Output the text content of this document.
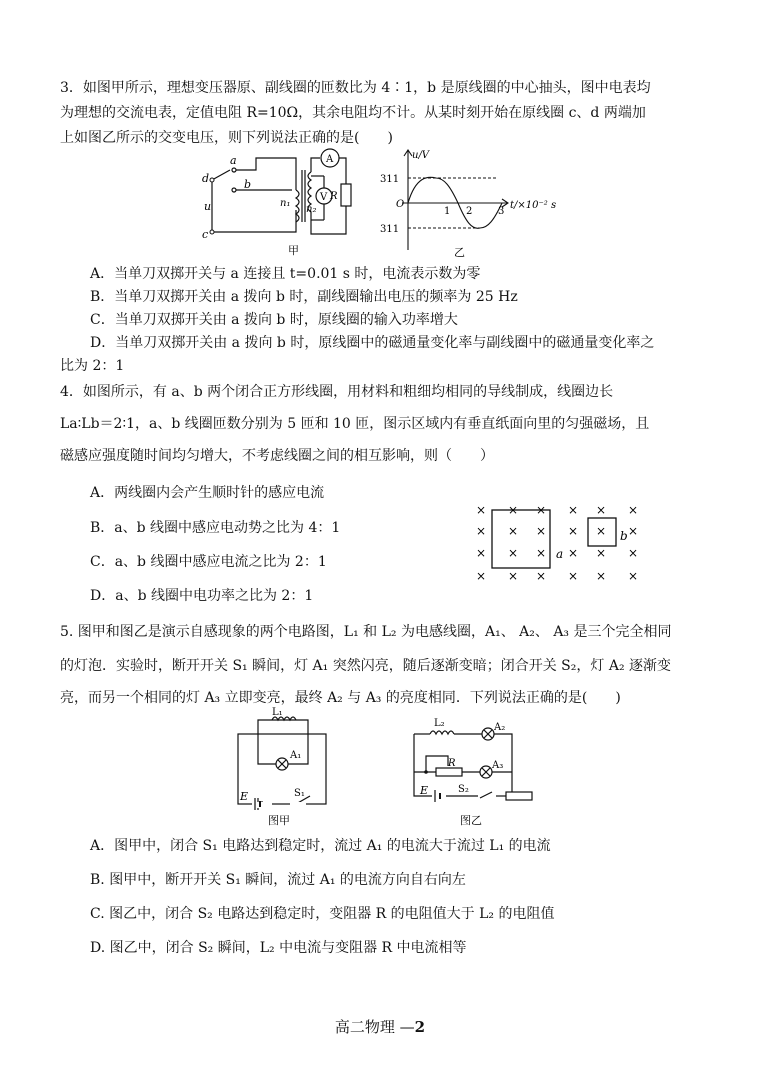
3．如图甲所示，理想变压器原、副线圈的匝数比为 4∶1，b 是原线圈的中心抽头，图中电表均
为理想的交流电表，定值电阻 R=10Ω，其余电阻均不计。从某时刻开始在原线圈 c、d 两端加
上如图乙所示的交变电压，则下列说法正确的是(　　)
d
a
b
u
c
n₁
n₂
A
V R
甲
311
311
O
u/V
1 2	3
t/×10⁻² s
乙
A．当单刀双掷开关与 a 连接且 t=0.01 s 时，电流表示数为零
B．当单刀双掷开关由 a 拨向 b 时，副线圈输出电压的频率为 25 Hz
C．当单刀双掷开关由 a 拨向 b 时，原线圈的输入功率增大
D．当单刀双掷开关由 a 拨向 b 时，原线圈中的磁通量变化率与副线圈中的磁通量变化率之
比为 2：1
4．如图所示，有 a、b 两个闭合正方形线圈，用材料和粗细均相同的导线制成，线圈边长
La∶Lb＝2∶1，a、b 线圈匝数分别为 5 匝和 10 匝，图示区域内有垂直纸面向里的匀强磁场，且
磁感应强度随时间均匀增大，不考虑线圈之间的相互影响，则（　　）
A．两线圈内会产生顺时针的感应电流
B．a、b 线圈中感应电动势之比为 4：1
C．a、b 线圈中感应电流之比为 2：1
D．a、b 线圈中电功率之比为 2：1
a
b
× × × × × ×
× × × × × ×
× × × × × ×
× × × × × ×
5. 图甲和图乙是演示自感现象的两个电路图，L₁ 和 L₂ 为电感线圈，A₁、 A₂、 A₃ 是三个完全相同
的灯泡．实验时，断开开关 S₁ 瞬间，灯 A₁ 突然闪亮，随后逐渐变暗；闭合开关 S₂，灯 A₂ 逐渐变
亮，而另一个相同的灯 A₃ 立即变亮，最终 A₂ 与 A₃ 的亮度相同．下列说法正确的是(　　)
L₁
A₁
E	S₁
图甲
L₂	A₂
R	A₃
E	S₂
图乙
A．图甲中，闭合 S₁ 电路达到稳定时，流过 A₁ 的电流大于流过 L₁ 的电流
B. 图甲中，断开开关 S₁ 瞬间，流过 A₁ 的电流方向自右向左
C. 图乙中，闭合 S₂ 电路达到稳定时，变阻器 R 的电阻值大于 L₂ 的电阻值
D. 图乙中，闭合 S₂ 瞬间，L₂ 中电流与变阻器 R 中电流相等
高二物理 —2
